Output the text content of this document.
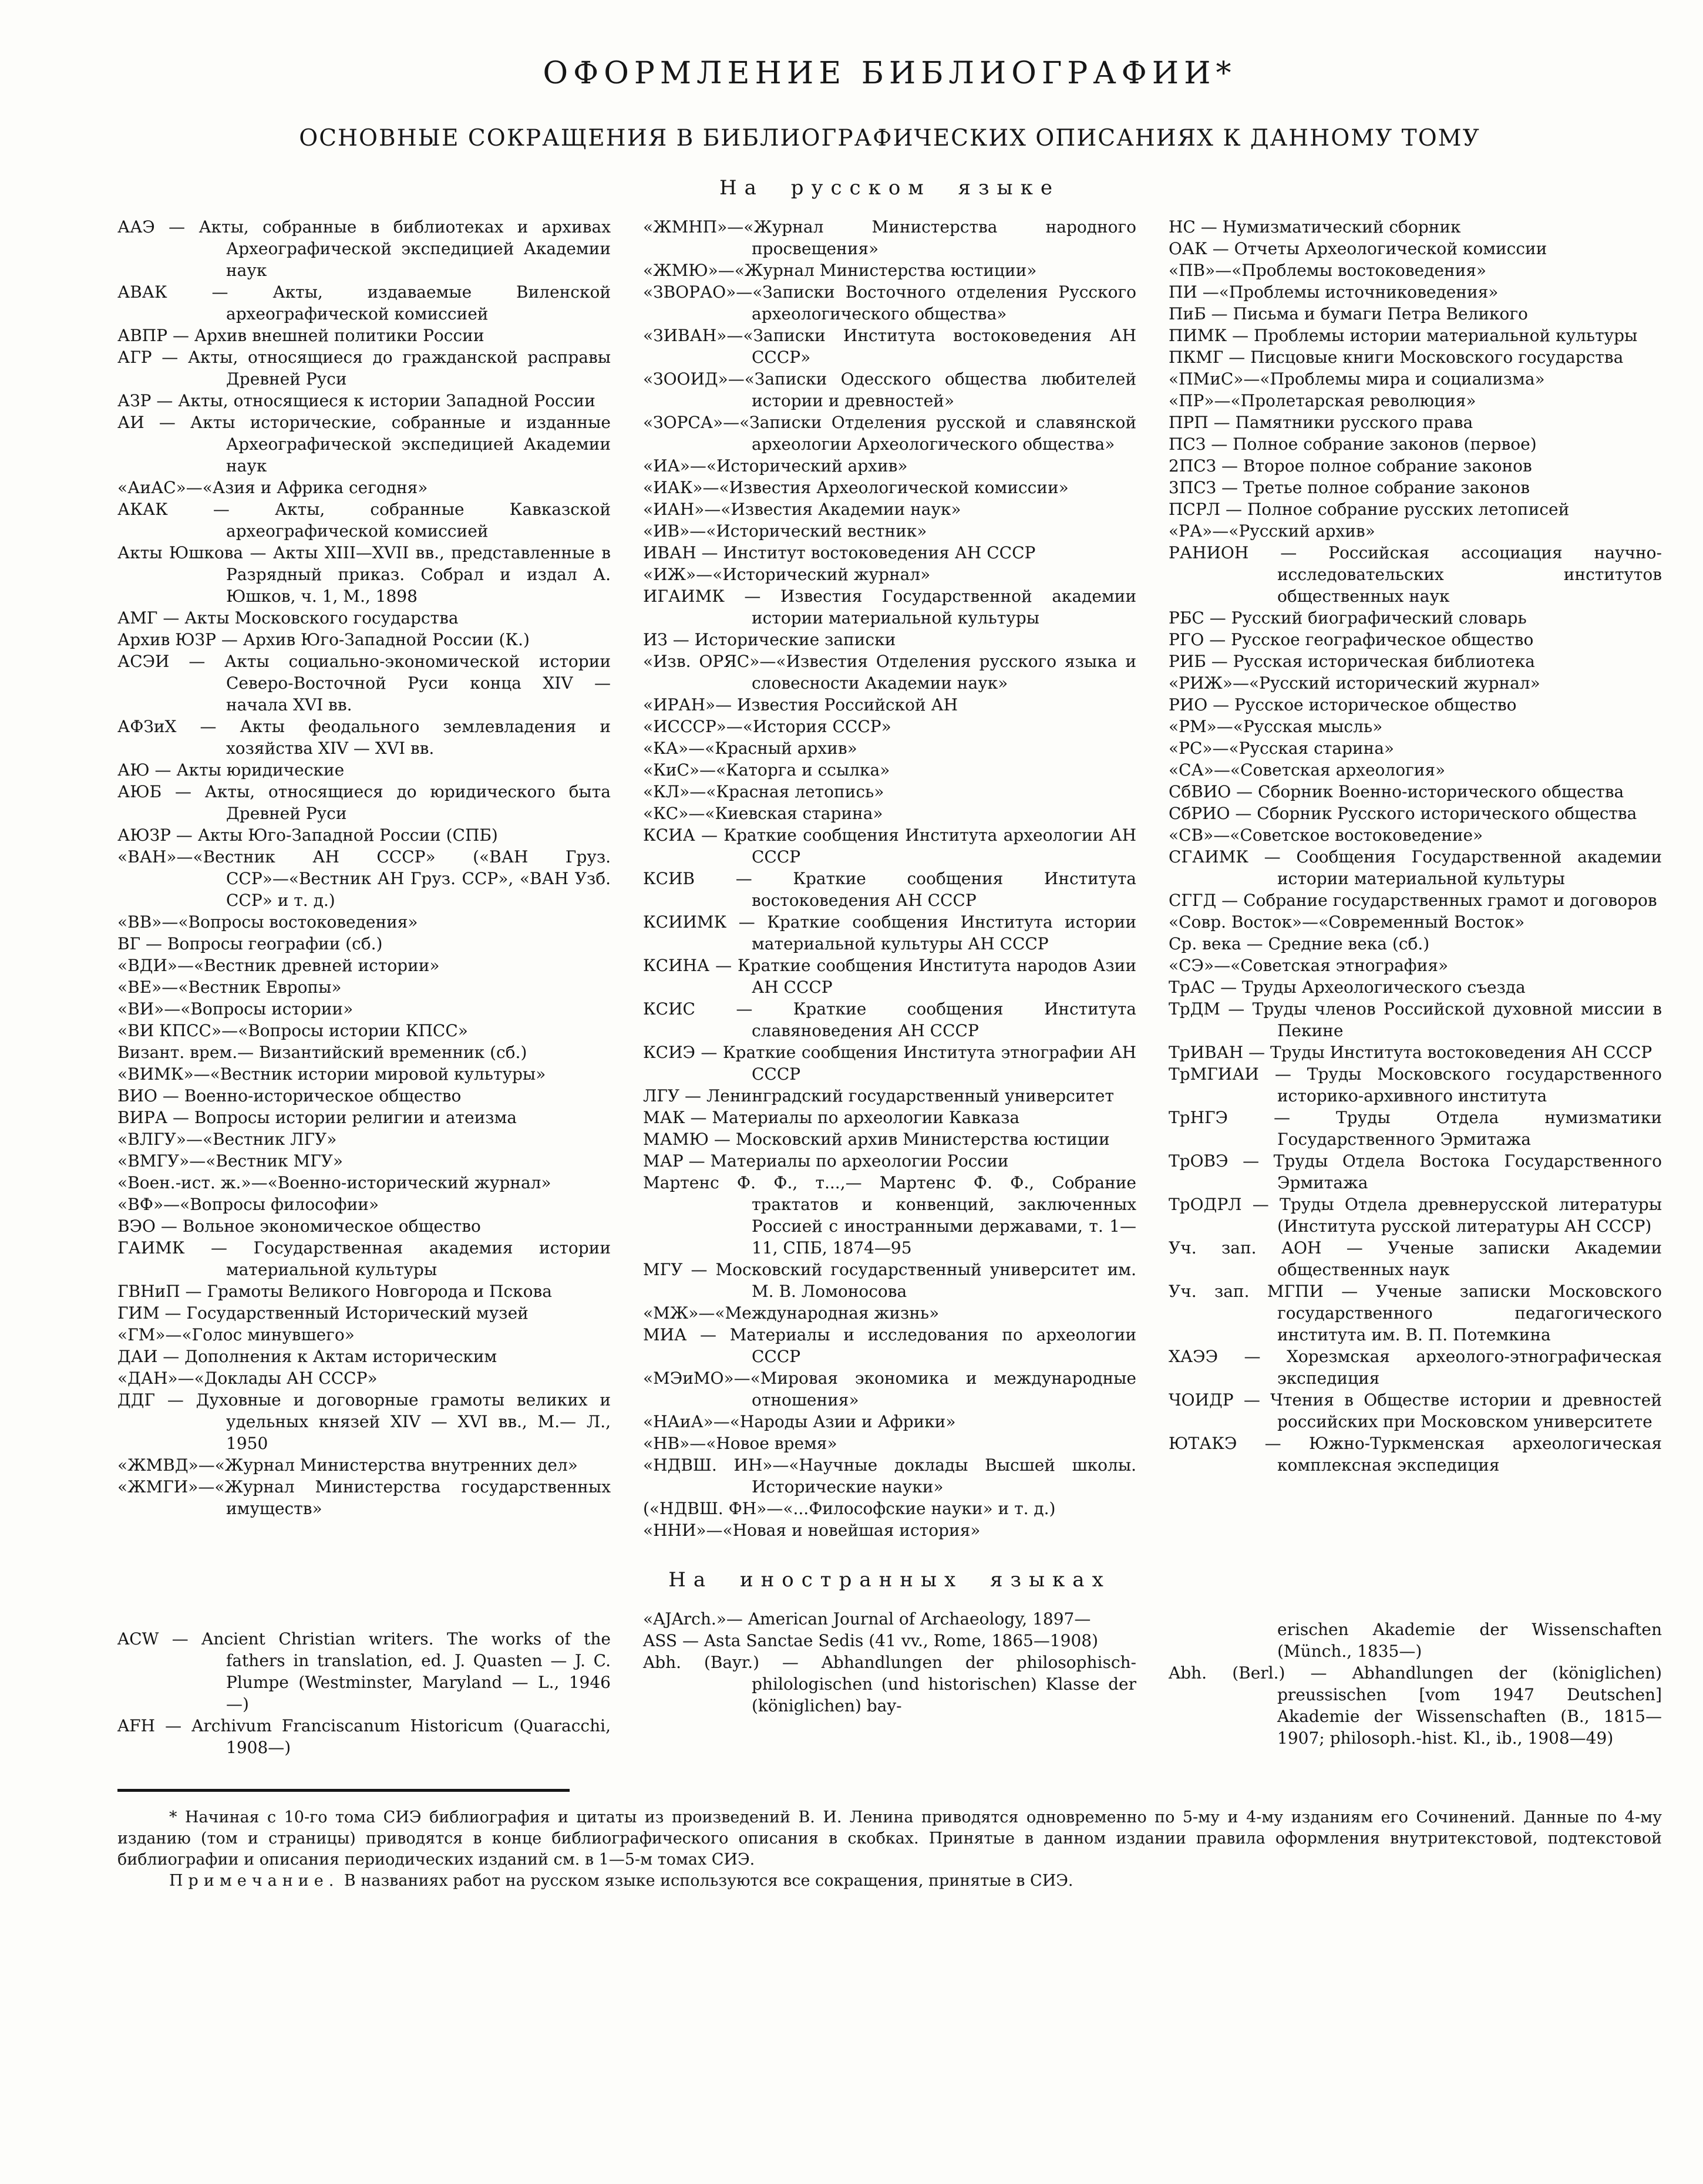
ОФОРМЛЕНИЕ БИБЛИОГРАФИИ*
ОСНОВНЫЕ СОКРАЩЕНИЯ В БИБЛИОГРАФИЧЕСКИХ ОПИСАНИЯХ К ДАННОМУ ТОМУ
На русском языке
ААЭ — Акты, собранные в библиотеках и архивах Археографической экспедицией Академии наук
АВАК — Акты, издаваемые Виленской археографической комиссией
АВПР — Архив внешней политики России
АГР — Акты, относящиеся до гражданской расправы Древней Руси
АЗР — Акты, относящиеся к истории Западной России
АИ — Акты исторические, собранные и изданные Археографической экспедицией Академии наук
«АиАС»—«Азия и Африка сегодня»
АКАК — Акты, собранные Кавказской археографической комиссией
Акты Юшкова — Акты XIII—XVII вв., представленные в Разрядный приказ. Собрал и издал А. Юшков, ч. 1, М., 1898
АМГ — Акты Московского государства
Архив ЮЗР — Архив Юго-Западной России (К.)
АСЭИ — Акты социально-экономической истории Северо-Восточной Руси конца XIV — начала XVI вв.
АФЗиХ — Акты феодального землевладения и хозяйства XIV — XVI вв.
АЮ — Акты юридические
АЮБ — Акты, относящиеся до юридического быта Древней Руси
АЮЗР — Акты Юго-Западной России (СПБ)
«ВАН»—«Вестник АН СССР» («ВАН Груз. ССР»—«Вестник АН Груз. ССР», «ВАН Узб. ССР» и т. д.)
«ВВ»—«Вопросы востоковедения»
ВГ — Вопросы географии (сб.)
«ВДИ»—«Вестник древней истории»
«ВЕ»—«Вестник Европы»
«ВИ»—«Вопросы истории»
«ВИ КПСС»—«Вопросы истории КПСС»
Визант. врем.— Византийский временник (сб.)
«ВИМК»—«Вестник истории мировой культуры»
ВИО — Военно-историческое общество
ВИРА — Вопросы истории религии и атеизма
«ВЛГУ»—«Вестник ЛГУ»
«ВМГУ»—«Вестник МГУ»
«Воен.-ист. ж.»—«Военно-исторический журнал»
«ВФ»—«Вопросы философии»
ВЭО — Вольное экономическое общество
ГАИМК — Государственная академия истории материальной культуры
ГВНиП — Грамоты Великого Новгорода и Пскова
ГИМ — Государственный Исторический музей
«ГМ»—«Голос минувшего»
ДАИ — Дополнения к Актам историческим
«ДАН»—«Доклады АН СССР»
ДДГ — Духовные и договорные грамоты великих и удельных князей XIV — XVI вв., М.— Л., 1950
«ЖМВД»—«Журнал Министерства внутренних дел»
«ЖМГИ»—«Журнал Министерства государственных имуществ»
«ЖМНП»—«Журнал Министерства народного просвещения»
«ЖМЮ»—«Журнал Министерства юстиции»
«ЗВОРАО»—«Записки Восточного отделения Русского археологического общества»
«ЗИВАН»—«Записки Института востоковедения АН СССР»
«ЗООИД»—«Записки Одесского общества любителей истории и древностей»
«ЗОРСА»—«Записки Отделения русской и славянской археологии Археологического общества»
«ИА»—«Исторический архив»
«ИАК»—«Известия Археологической комиссии»
«ИАН»—«Известия Академии наук»
«ИВ»—«Исторический вестник»
ИВАН — Институт востоковедения АН СССР
«ИЖ»—«Исторический журнал»
ИГАИМК — Известия Государственной академии истории материальной культуры
ИЗ — Исторические записки
«Изв. ОРЯС»—«Известия Отделения русского языка и словесности Академии наук»
«ИРАН»— Известия Российской АН
«ИСССР»—«История СССР»
«КА»—«Красный архив»
«КиС»—«Каторга и ссылка»
«КЛ»—«Красная летопись»
«КС»—«Киевская старина»
КСИА — Краткие сообщения Института археологии АН СССР
КСИВ — Краткие сообщения Института востоковедения АН СССР
КСИИМК — Краткие сообщения Института истории материальной культуры АН СССР
КСИНА — Краткие сообщения Института народов Азии АН СССР
КСИС — Краткие сообщения Института славяноведения АН СССР
КСИЭ — Краткие сообщения Института этнографии АН СССР
ЛГУ — Ленинградский государственный университет
МАК — Материалы по археологии Кавказа
МАМЮ — Московский архив Министерства юстиции
МАР — Материалы по археологии России
Мартенс Ф. Ф., т...,— Мартенс Ф. Ф., Собрание трактатов и конвенций, заключенных Россией с иностранными державами, т. 1—11, СПБ, 1874—95
МГУ — Московский государственный университет им. М. В. Ломоносова
«МЖ»—«Международная жизнь»
МИА — Материалы и исследования по археологии СССР
«МЭиМО»—«Мировая экономика и международные отношения»
«НАиА»—«Народы Азии и Африки»
«НВ»—«Новое время»
«НДВШ. ИН»—«Научные доклады Высшей школы. Исторические науки»
(«НДВШ. ФН»—«...Философские науки» и т. д.)
«ННИ»—«Новая и новейшая история»
НС — Нумизматический сборник
ОАК — Отчеты Археологической комиссии
«ПВ»—«Проблемы востоковедения»
ПИ —«Проблемы источниковедения»
ПиБ — Письма и бумаги Петра Великого
ПИМК — Проблемы истории материальной культуры
ПКМГ — Писцовые книги Московского государства
«ПМиС»—«Проблемы мира и социализма»
«ПР»—«Пролетарская революция»
ПРП — Памятники русского права
ПСЗ — Полное собрание законов (первое)
2ПСЗ — Второе полное собрание законов
3ПСЗ — Третье полное собрание законов
ПСРЛ — Полное собрание русских летописей
«РА»—«Русский архив»
РАНИОН — Российская ассоциация научно-исследовательских институтов общественных наук
РБС — Русский биографический словарь
РГО — Русское географическое общество
РИБ — Русская историческая библиотека
«РИЖ»—«Русский исторический журнал»
РИО — Русское историческое общество
«РМ»—«Русская мысль»
«РС»—«Русская старина»
«СА»—«Советская археология»
СбВИО — Сборник Военно-исторического общества
СбРИО — Сборник Русского исторического общества
«СВ»—«Советское востоковедение»
СГАИМК — Сообщения Государственной академии истории материальной культуры
СГГД — Собрание государственных грамот и договоров
«Совр. Восток»—«Современный Восток»
Ср. века — Средние века (сб.)
«СЭ»—«Советская этнография»
ТрАС — Труды Археологического съезда
ТрДМ — Труды членов Российской духовной миссии в Пекине
ТрИВАН — Труды Института востоковедения АН СССР
ТрМГИАИ — Труды Московского государственного историко-архивного института
ТрНГЭ — Труды Отдела нумизматики Государственного Эрмитажа
ТрОВЭ — Труды Отдела Востока Государственного Эрмитажа
ТрОДРЛ — Труды Отдела древнерусской литературы (Института русской литературы АН СССР)
Уч. зап. АОН — Ученые записки Академии общественных наук
Уч. зап. МГПИ — Ученые записки Московского государственного педагогического института им. В. П. Потемкина
ХАЭЭ — Хорезмская археолого-этнографическая экспедиция
ЧОИДР — Чтения в Обществе истории и древностей российских при Московском университете
ЮТАКЭ — Южно-Туркменская археологическая комплексная экспедиция
На иностранных языках
ACW — Ancient Christian writers. The works of the fathers in translation, ed. J. Quasten — J. C. Plumpe (Westminster, Maryland — L., 1946—)
AFH — Archivum Franciscanum Historicum (Quaracchi, 1908—)
«AJArch.»— American Journal of Archaeology, 1897—
ASS — Asta Sanctae Sedis (41 vv., Rome, 1865—1908)
Abh. (Bayr.) — Abhandlungen der philosophisch-philologischen (und historischen) Klasse der (königlichen) bay-
erischen Akademie der Wissenschaften (Münch., 1835—)
Abh. (Berl.) — Abhandlungen der (königlichen) preussischen [vom 1947 Deutschen] Akademie der Wissenschaften (B., 1815—1907; philosoph.-hist. Kl., ib., 1908—49)

* Начиная с 10-го тома СИЭ библиография и цитаты из произведений В. И. Ленина приводятся одновременно по 5-му и 4-му изданиям его Сочинений. Данные по 4-му изданию (том и страницы) приводятся в конце библиографического описания в скобках. Принятые в данном издании правила оформления внутритекстовой, подтекстовой библиографии и описания периодических изданий см. в 1—5-м томах СИЭ.

Примечание. В названиях работ на русском языке используются все сокращения, принятые в СИЭ.
